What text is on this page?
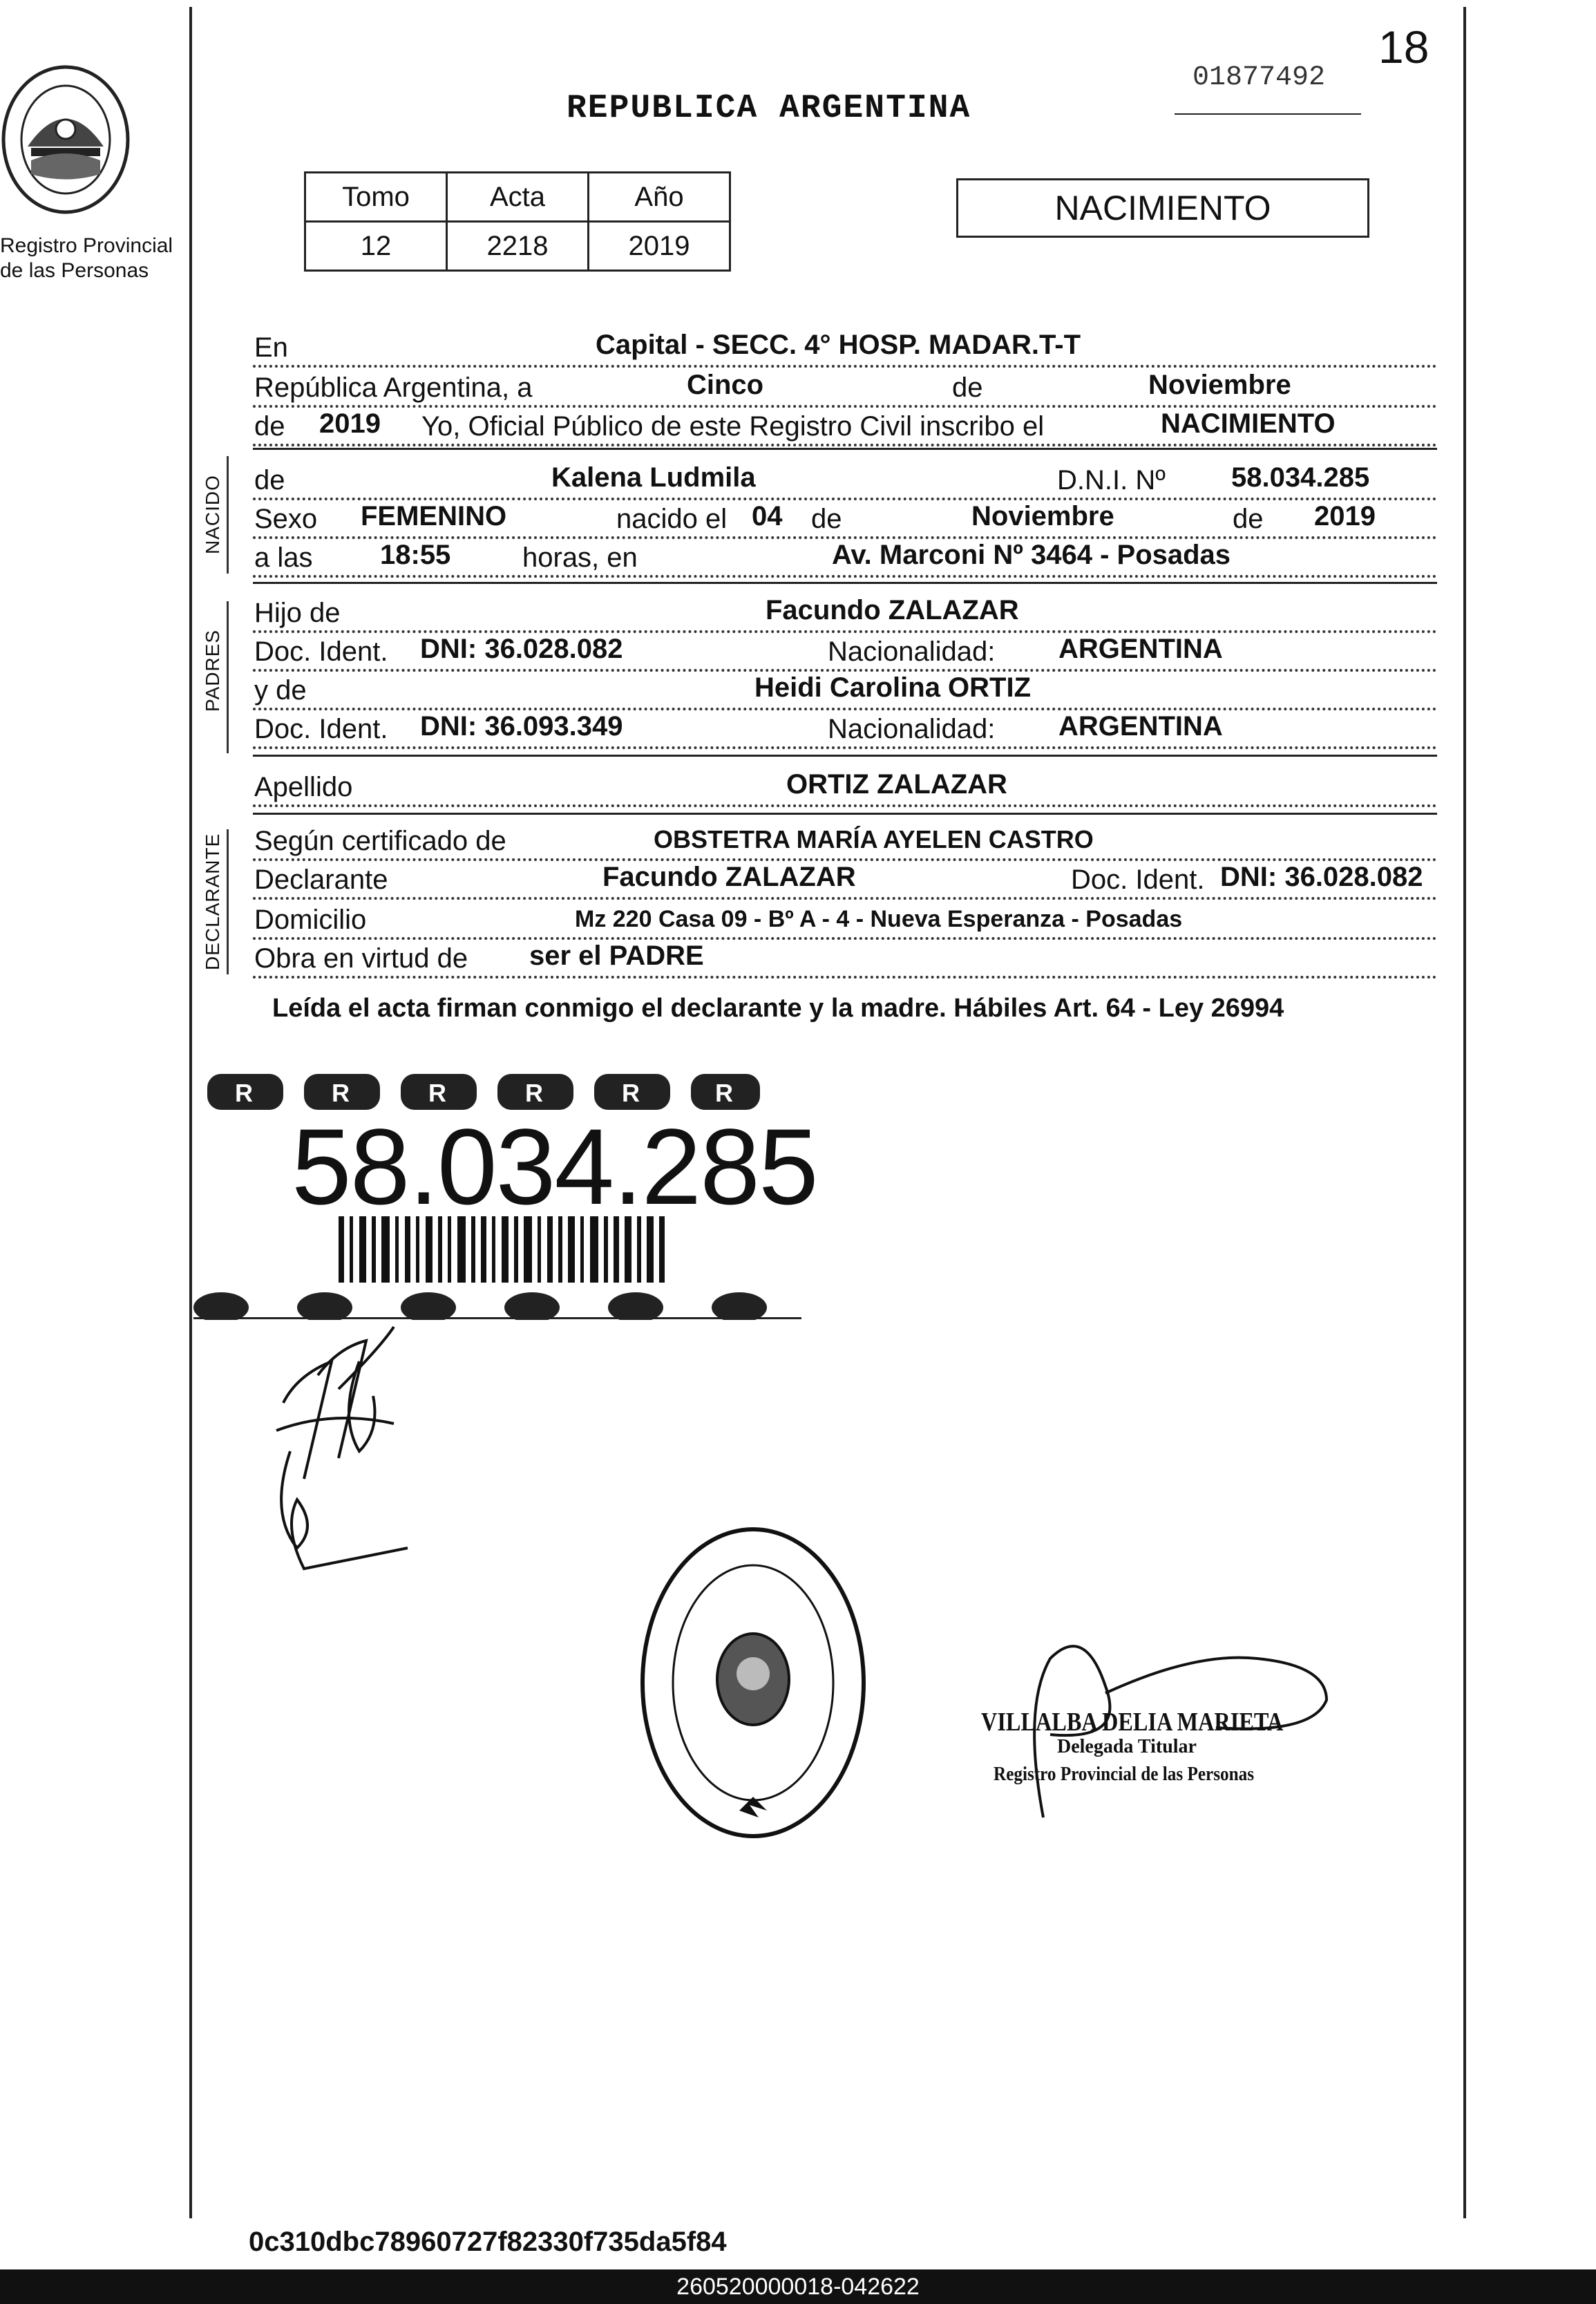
Registro Provincial
de las Personas
REPUBLICA ARGENTINA
01877492
18
Tomo	Acta	Año
12	2218	2019
NACIMIENTO
En	Capital - SECC. 4° HOSP. MADAR.T-T
República Argentina, a	Cinco	de	Noviembre
de 2019 Yo, Oficial Público de este Registro Civil inscribo el	NACIMIENTO
NACIDO de	Kalena Ludmila	D.N.I. Nº 58.034.285
Sexo FEMENINO	nacido el 04 de	Noviembre	de 2019
a las 18:55	horas, en	Av. Marconi Nº 3464 - Posadas
PADRES
Hijo de	Facundo ZALAZAR
Doc. Ident. DNI: 36.028.082	Nacionalidad: ARGENTINA
y de	Heidi Carolina ORTIZ
Doc. Ident. DNI: 36.093.349	Nacionalidad: ARGENTINA
Apellido	ORTIZ ZALAZAR
DECLARANTE Según certificado de	OBSTETRA MARÍA AYELEN CASTRO
Declarante	Facundo ZALAZAR	Doc. Ident. DNI: 36.028.082
Domicilio	Mz 220 Casa 09 - Bº A - 4 - Nueva Esperanza - Posadas
Obra en virtud de ser el PADRE
Leída el acta firman conmigo el declarante y la madre. Hábiles Art. 64 - Ley 26994
R	R	R	R	R	R
58.034.285
VILLALBA DELIA MARIETA
Delegada Titular
Registro Provincial de las Personas
0c310dbc78960727f82330f735da5f84
260520000018-042622
